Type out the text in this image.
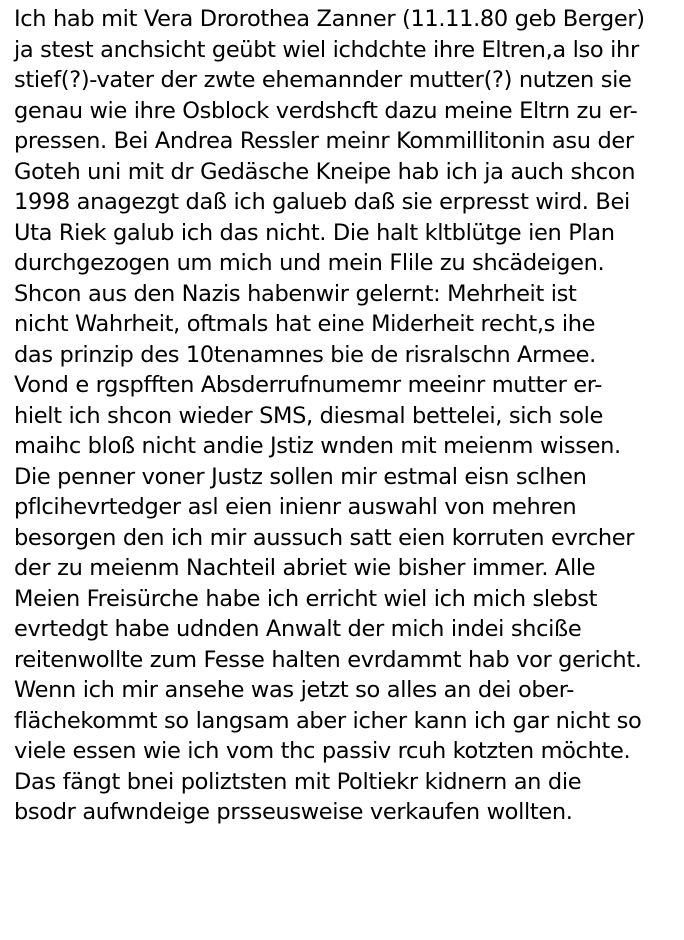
Ich hab mit Vera Drorothea Zanner (11.11.80 geb Berger)
ja stest anchsicht geübt wiel ichdchte ihre Eltren,a lso ihr
stief(?)-vater der zwte ehemannder mutter(?) nutzen sie
genau wie ihre Osblock verdshcft dazu meine Eltrn zu er-
pressen. Bei Andrea Ressler meinr Kommillitonin asu der
Goteh uni mit dr Gedäsche Kneipe hab ich ja auch shcon
1998 anagezgt daß ich galueb daß sie erpresst wird. Bei
Uta Riek galub ich das nicht. Die halt kltblütge ien Plan
durchgezogen um mich und mein Flile zu shcädeigen.
Shcon aus den Nazis habenwir gelernt: Mehrheit ist
nicht Wahrheit, oftmals hat eine Miderheit recht,s ihe
das prinzip des 10tenamnes bie de risralschn Armee.
Vond e rgspfften Absderrufnumemr meeinr mutter er-
hielt ich shcon wieder SMS, diesmal bettelei, sich sole
maihc bloß nicht andie Jstiz wnden mit meienm wissen.
Die penner voner Justz sollen mir estmal eisn sclhen
pflcihevrtedger asl eien inienr auswahl von mehren
besorgen den ich mir aussuch satt eien korruten evrcher
der zu meienm Nachteil abriet wie bisher immer. Alle
Meien Freisürche habe ich erricht wiel ich mich slebst
evrtedgt habe udnden Anwalt der mich indei shciße
reitenwollte zum Fesse halten evrdammt hab vor gericht.
Wenn ich mir ansehe was jetzt so alles an dei ober-
flächekommt so langsam aber icher kann ich gar nicht so
viele essen wie ich vom thc passiv rcuh kotzten möchte.
Das fängt bnei poliztsten mit Poltiekr kidnern an die
bsodr aufwndeige prsseusweise verkaufen wollten.
